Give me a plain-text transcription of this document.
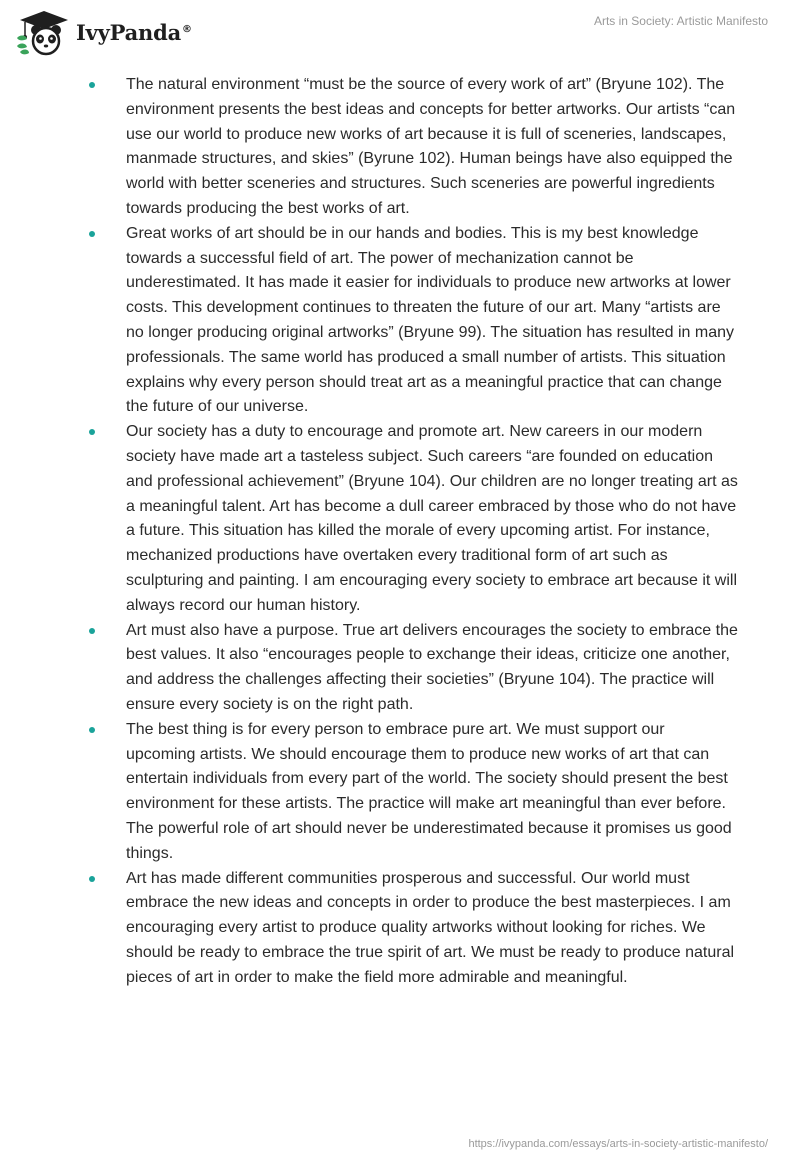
IvyPanda®
Arts in Society: Artistic Manifesto
The natural environment “must be the source of every work of art” (Bryune 102). The environment presents the best ideas and concepts for better artworks. Our artists “can use our world to produce new works of art because it is full of sceneries, landscapes, manmade structures, and skies” (Byrune 102). Human beings have also equipped the world with better sceneries and structures. Such sceneries are powerful ingredients towards producing the best works of art.
Great works of art should be in our hands and bodies. This is my best knowledge towards a successful field of art. The power of mechanization cannot be underestimated. It has made it easier for individuals to produce new artworks at lower costs. This development continues to threaten the future of our art. Many “artists are no longer producing original artworks” (Bryune 99). The situation has resulted in many professionals. The same world has produced a small number of artists. This situation explains why every person should treat art as a meaningful practice that can change the future of our universe.
Our society has a duty to encourage and promote art. New careers in our modern society have made art a tasteless subject. Such careers “are founded on education and professional achievement” (Bryune 104). Our children are no longer treating art as a meaningful talent. Art has become a dull career embraced by those who do not have a future. This situation has killed the morale of every upcoming artist. For instance, mechanized productions have overtaken every traditional form of art such as sculpturing and painting. I am encouraging every society to embrace art because it will always record our human history.
Art must also have a purpose. True art delivers encourages the society to embrace the best values. It also “encourages people to exchange their ideas, criticize one another, and address the challenges affecting their societies” (Bryune 104). The practice will ensure every society is on the right path.
The best thing is for every person to embrace pure art. We must support our upcoming artists. We should encourage them to produce new works of art that can entertain individuals from every part of the world. The society should present the best environment for these artists. The practice will make art meaningful than ever before. The powerful role of art should never be underestimated because it promises us good things.
Art has made different communities prosperous and successful. Our world must embrace the new ideas and concepts in order to produce the best masterpieces. I am encouraging every artist to produce quality artworks without looking for riches. We should be ready to embrace the true spirit of art. We must be ready to produce natural pieces of art in order to make the field more admirable and meaningful.
https://ivypanda.com/essays/arts-in-society-artistic-manifesto/
